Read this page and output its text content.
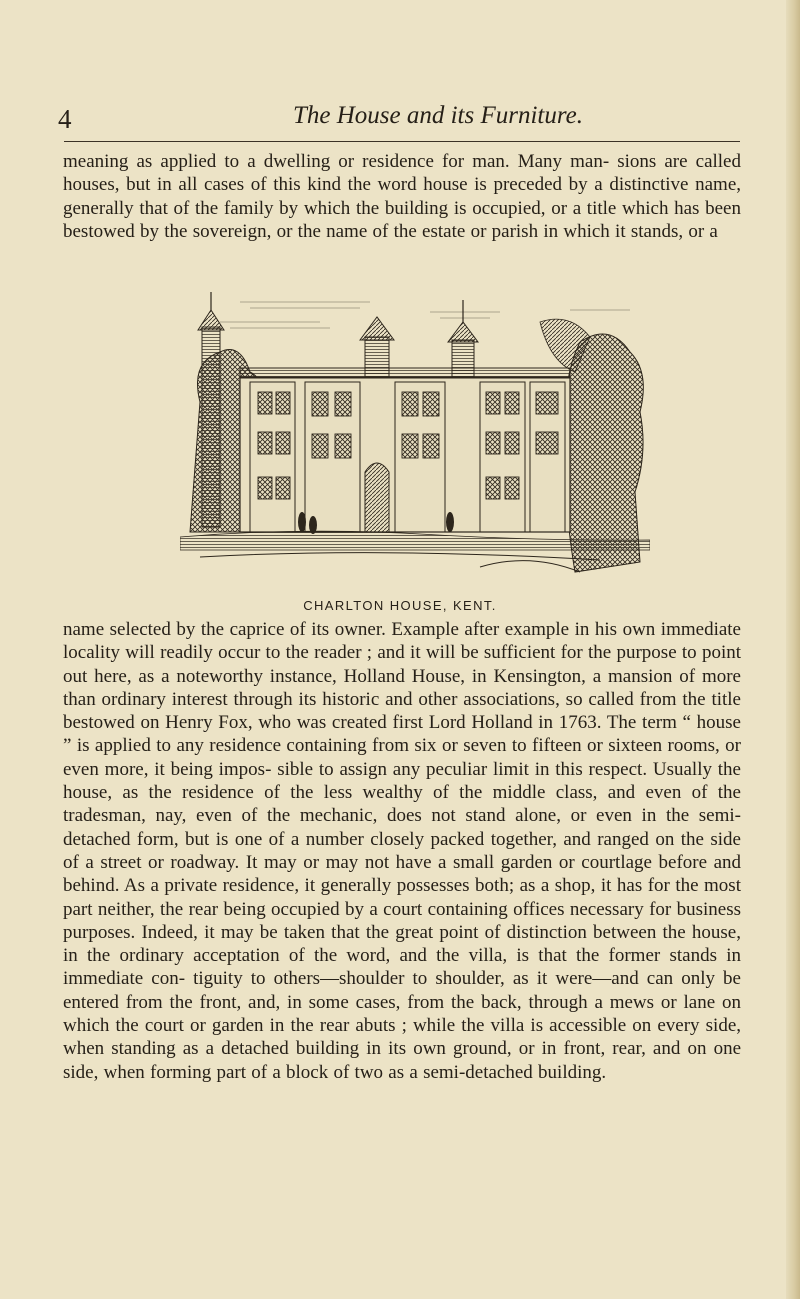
4	The House and its Furniture.

meaning as applied to a dwelling or residence for man. Many man- sions are called houses, but in all cases of this kind the word house is preceded by a distinctive name, generally that of the family by which the building is occupied, or a title which has been bestowed by the sovereign, or the name of the estate or parish in which it stands, or a

CHARLTON HOUSE, KENT.

name selected by the caprice of its owner. Example after example in his own immediate locality will readily occur to the reader ; and it will be sufficient for the purpose to point out here, as a noteworthy instance, Holland House, in Kensington, a mansion of more than ordinary interest through its historic and other associations, so called from the title bestowed on Henry Fox, who was created first Lord Holland in 1763. The term “ house ” is applied to any residence containing from six or seven to fifteen or sixteen rooms, or even more, it being impos- sible to assign any peculiar limit in this respect. Usually the house, as the residence of the less wealthy of the middle class, and even of the tradesman, nay, even of the mechanic, does not stand alone, or even in the semi-detached form, but is one of a number closely packed together, and ranged on the side of a street or roadway. It may or may not have a small garden or courtlage before and behind. As a private residence, it generally possesses both; as a shop, it has for the most part neither, the rear being occupied by a court containing offices necessary for business purposes. Indeed, it may be taken that the great point of distinction between the house, in the ordinary acceptation of the word, and the villa, is that the former stands in immediate con- tiguity to others—shoulder to shoulder, as it were—and can only be entered from the front, and, in some cases, from the back, through a mews or lane on which the court or garden in the rear abuts ; while the villa is accessible on every side, when standing as a detached building in its own ground, or in front, rear, and on one side, when forming part of a block of two as a semi-detached building.
